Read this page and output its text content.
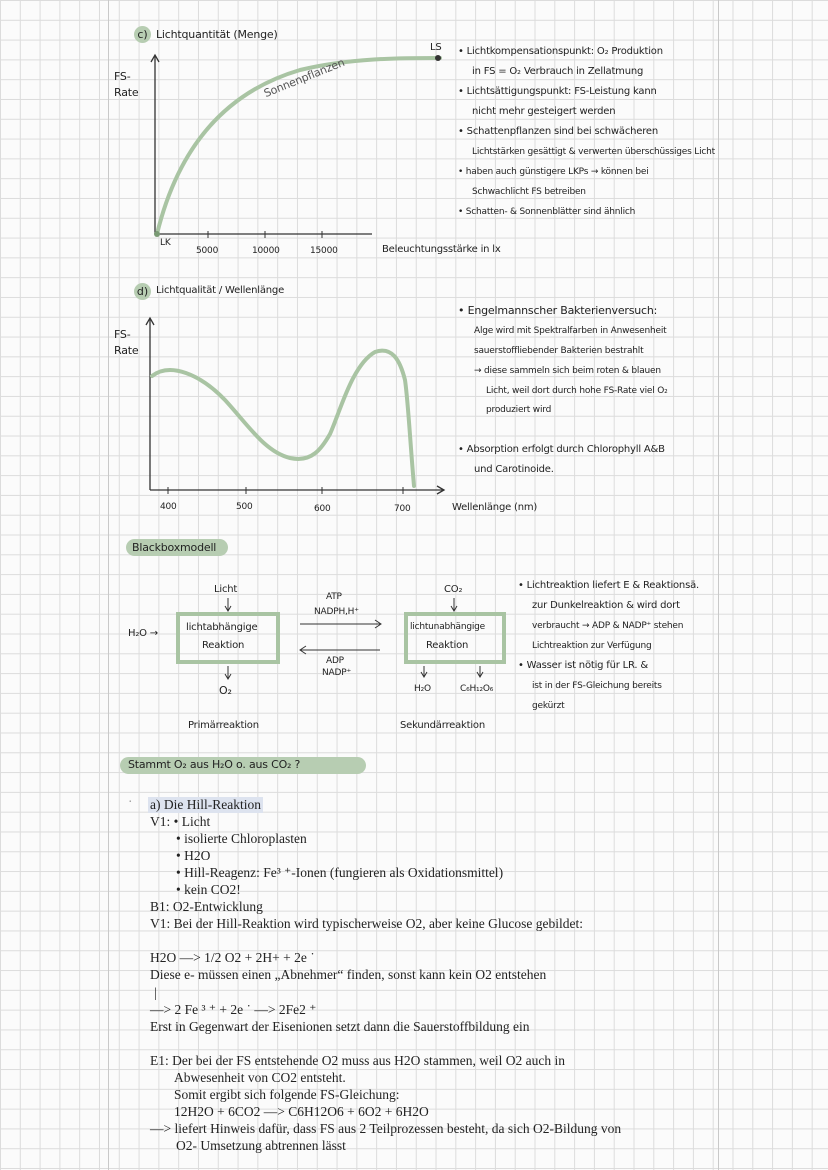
c) Lichtquantität (Menge)
FS-
Rate	Sonnenpflanzen
LK
LS
5000	10000	15000	Beleuchtungsstärke in lx
• Lichtkompensationspunkt: O₂ Produktion
in FS = O₂ Verbrauch in Zellatmung
• Lichtsättigungspunkt: FS-Leistung kann
nicht mehr gesteigert werden
• Schattenpflanzen sind bei schwächeren
Lichtstärken gesättigt & verwerten überschüssiges Licht
• haben auch günstigere LKPs → können bei
Schwachlicht FS betreiben
• Schatten- & Sonnenblätter sind ähnlich
d) Lichtqualität / Wellenlänge
FS-
Rate
400	500	600	700	Wellenlänge (nm)
• Engelmannscher Bakterienversuch:
Alge wird mit Spektralfarben in Anwesenheit
sauerstoffliebender Bakterien bestrahlt
→ diese sammeln sich beim roten & blauen
Licht, weil dort durch hohe FS-Rate viel O₂
produziert wird
• Absorption erfolgt durch Chlorophyll A&B
und Carotinoide.
Blackboxmodell
Licht
H₂O →
lichtabhängige
Reaktion
ATP
NADPH,H⁺
ADP
NADP⁺
CO₂
lichtunabhängige
Reaktion
O₂	H₂O	C₆H₁₂O₆
Primärreaktion	Sekundärreaktion
• Lichtreaktion liefert E & Reaktionsä.
zur Dunkelreaktion & wird dort
verbraucht → ADP & NADP⁺ stehen
Lichtreaktion zur Verfügung
• Wasser ist nötig für LR. &
ist in der FS-Gleichung bereits
gekürzt
Stammt O₂ aus H₂O o. aus CO₂ ?
· a) Die Hill-Reaktion
V1: • Licht
• isolierte Chloroplasten
• H2O
• Hill-Reagenz: Fe³ ⁺-Ionen (fungieren als Oxidationsmittel)
• kein CO2!
B1: O2-Entwicklung
V1: Bei der Hill-Reaktion wird typischerweise O2, aber keine Glucose gebildet:
H2O —> 1/2 O2 + 2H+ + 2e ˙
Diese e- müssen einen „Abnehmer“ finden, sonst kann kein O2 entstehen
|
—> 2 Fe ³ ⁺ + 2e ˙ —> 2Fe2 ⁺
Erst in Gegenwart der Eisenionen setzt dann die Sauerstoffbildung ein
E1: Der bei der FS entstehende O2 muss aus H2O stammen, weil O2 auch in
Abwesenheit von CO2 entsteht.
Somit ergibt sich folgende FS-Gleichung:
12H2O + 6CO2 —> C6H12O6 + 6O2 + 6H2O
—> liefert Hinweis dafür, dass FS aus 2 Teilprozessen besteht, da sich O2-Bildung von
O2- Umsetzung abtrennen lässt
